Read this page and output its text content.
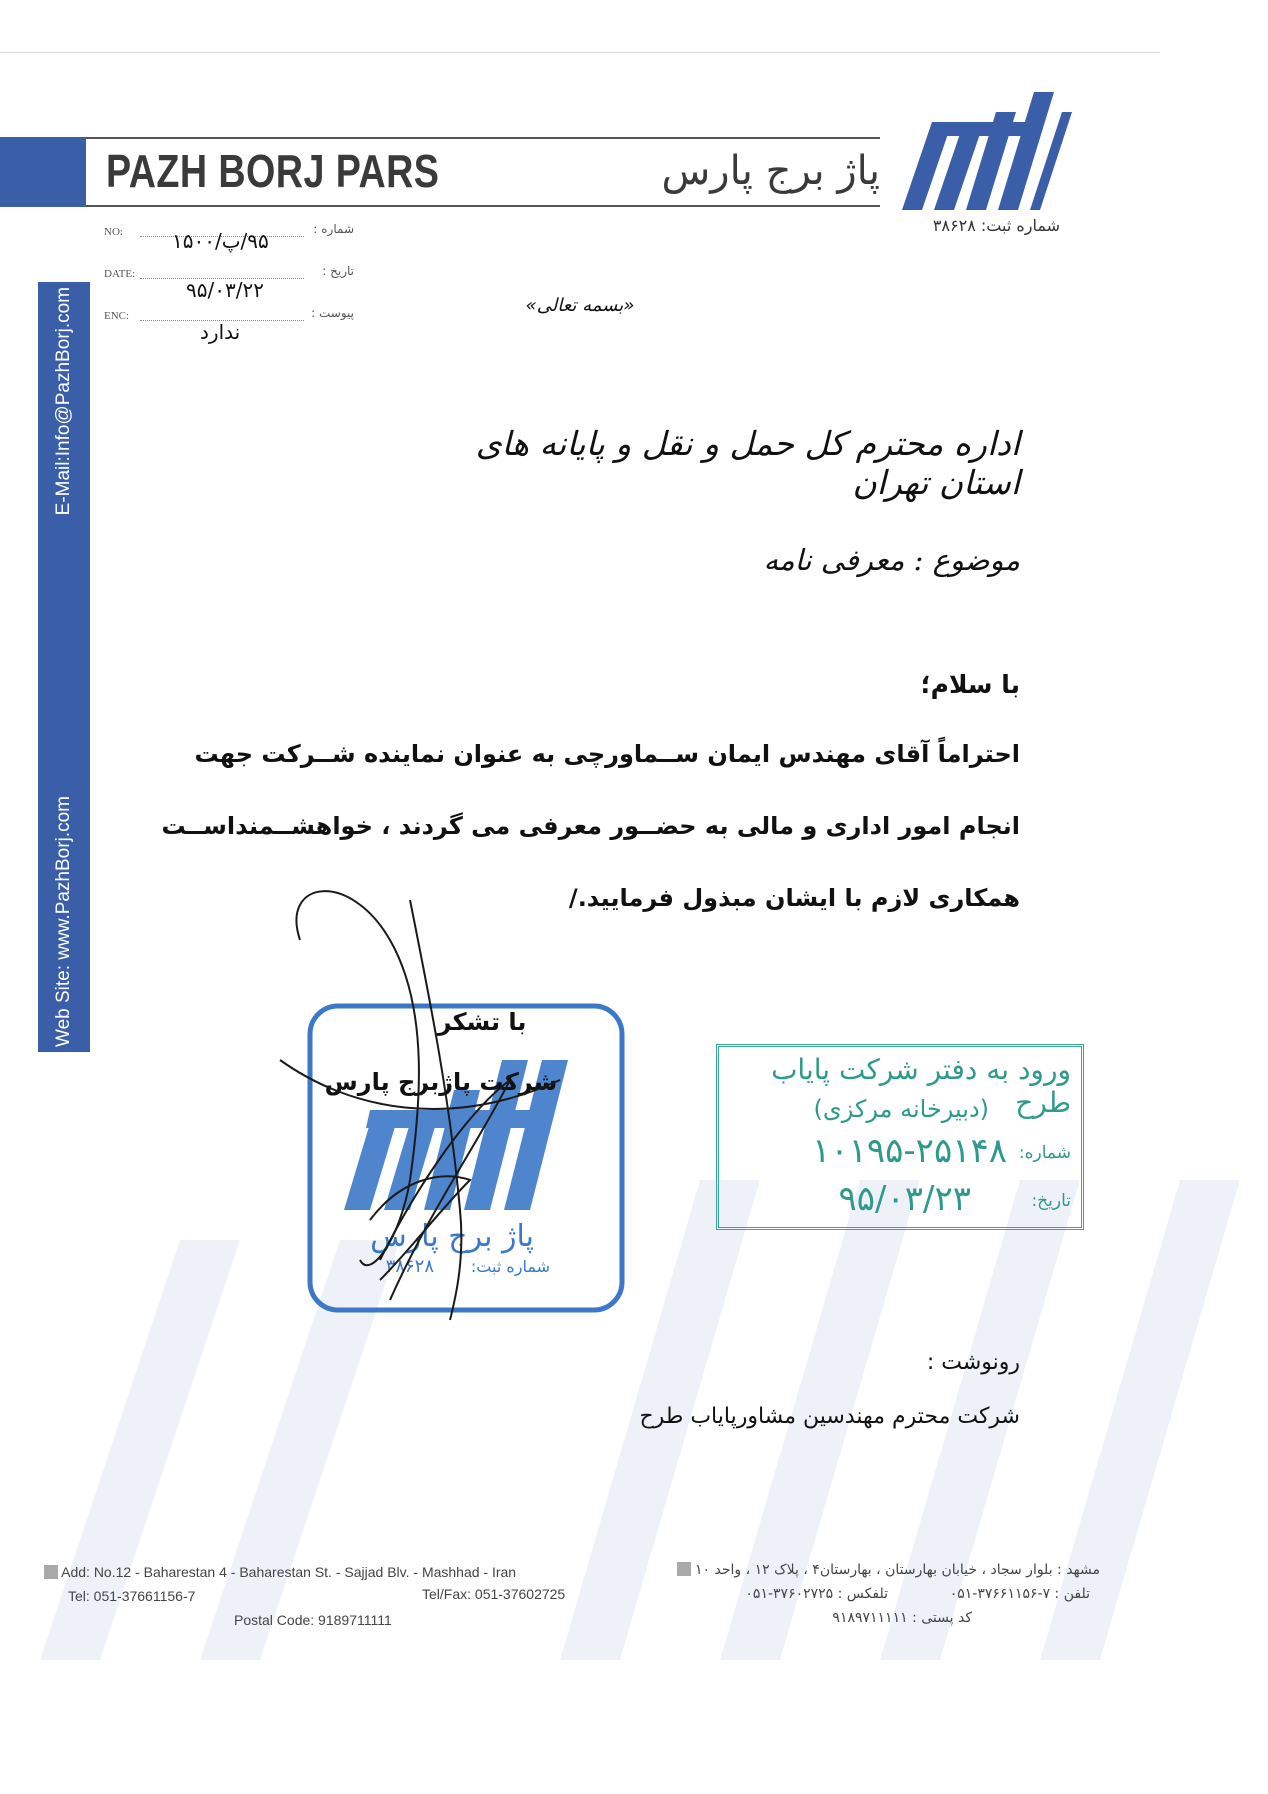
PAZH BORJ PARS	پاژ برج پارس
شماره ثبت: ۳۸۶۲۸
Web Site: www.PazhBorj.com
E-Mail:Info@PazhBorj.com
NO:	شماره :
۹۵/پ/۱۵۰۰
DATE:	تاریخ :
۹۵/۰۳/۲۲
ENC:	پیوست :
ندارد
«بسمه تعالی»
اداره محترم کل حمل و نقل و پایانه های استان تهران
موضوع : معرفی نامه
با سلام؛
احتراماً آقای مهندس ایمان ســماورچی به عنوان نماینده شــرکت جهت
انجام امور اداری و مالی به حضــور معرفی می گردند ، خواهشــمنداســت
همکاری لازم با ایشان مبذول فرمایید./
شماره ثبت:
۳۸۶۲۸
پاژ برج پارس
با تشکر
شرکت پاژبرج پارس	ورود به دفتر شرکت پایاب طرح
(دبیرخانه مرکزی)
شماره:
۱۰۱۹۵-۲۵۱۴۸
تاریخ:
۹۵/۰۳/۲۳
رونوشت :
شرکت محترم مهندسین مشاورپایاب طرح
Add: No.12 - Baharestan 4 - Baharestan St. - Sajjad Blv. - Mashhad - Iran
Tel: 051-37661156-7	Tel/Fax: 051-37602725
Postal Code: 9189711111
مشهد : بلوار سجاد ، خیابان بهارستان ، بهارستان۴ ، پلاک ۱۲ ، واحد ۱۰
تلفن : ۷-۳۷۶۶۱۱۵۶-۰۵۱
تلفکس : ۳۷۶۰۲۷۲۵-۰۵۱
کد پستی : ۹۱۸۹۷۱۱۱۱۱
